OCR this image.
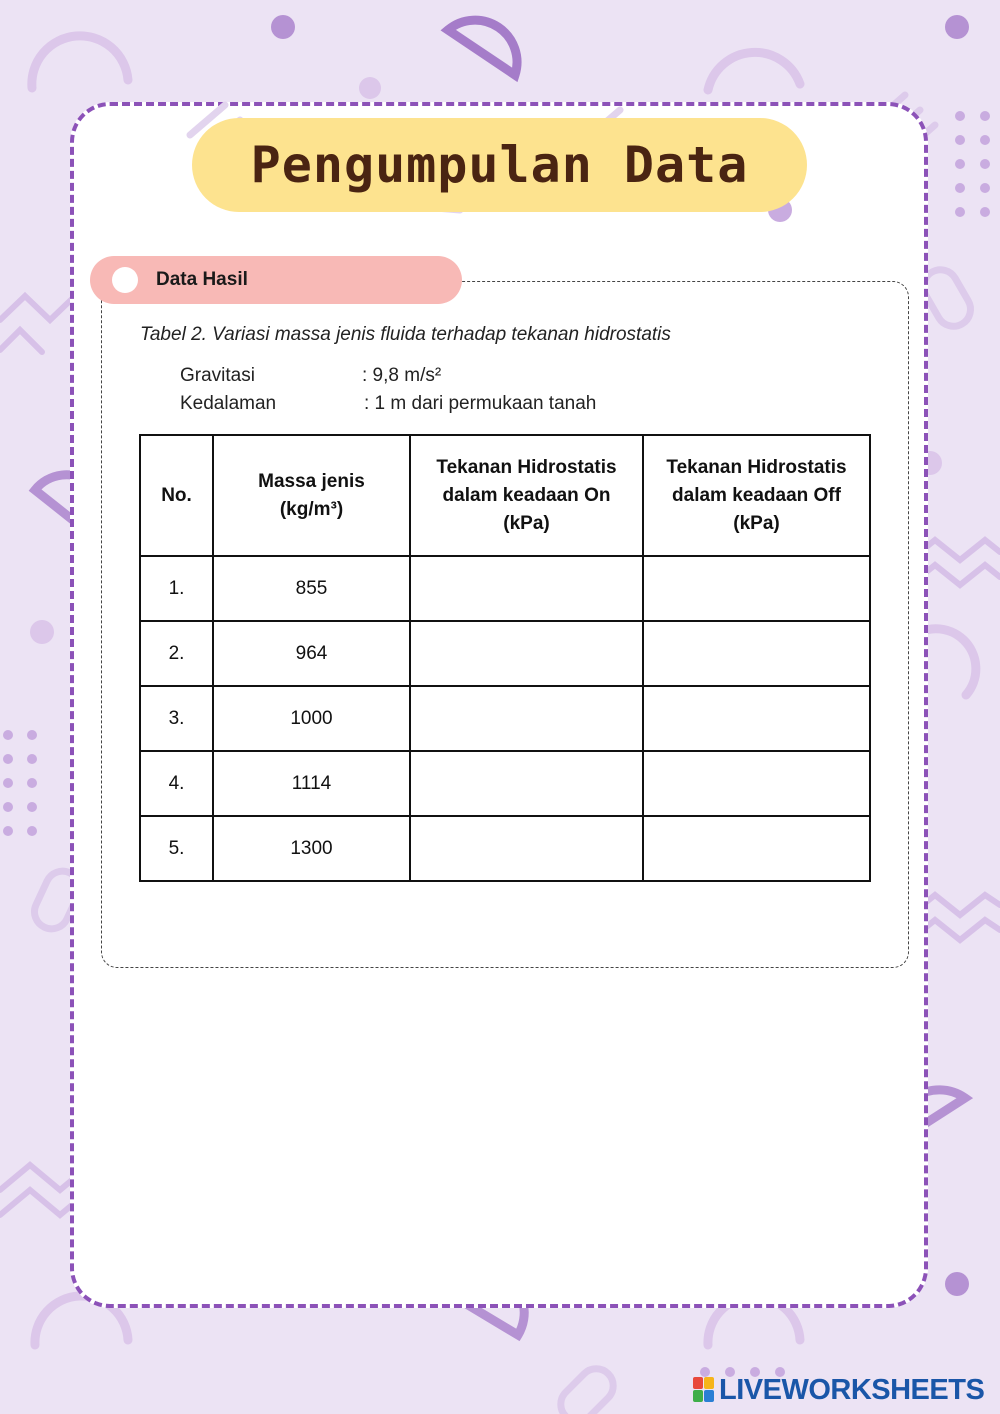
Pengumpulan Data
Data Hasil
Tabel 2. Variasi massa jenis fluida terhadap tekanan hidrostatis
Gravitasi	: 9,8 m/s²
Kedalaman	: 1 m dari permukaan tanah
No.	Massa jenis (kg/m³)	Tekanan Hidrostatis dalam keadaan On (kPa)	Tekanan Hidrostatis dalam keadaan Off (kPa)
1.	855		
2.	964		
3.	1000		
4.	1114		
5.	1300		
LIVEWORKSHEETS
